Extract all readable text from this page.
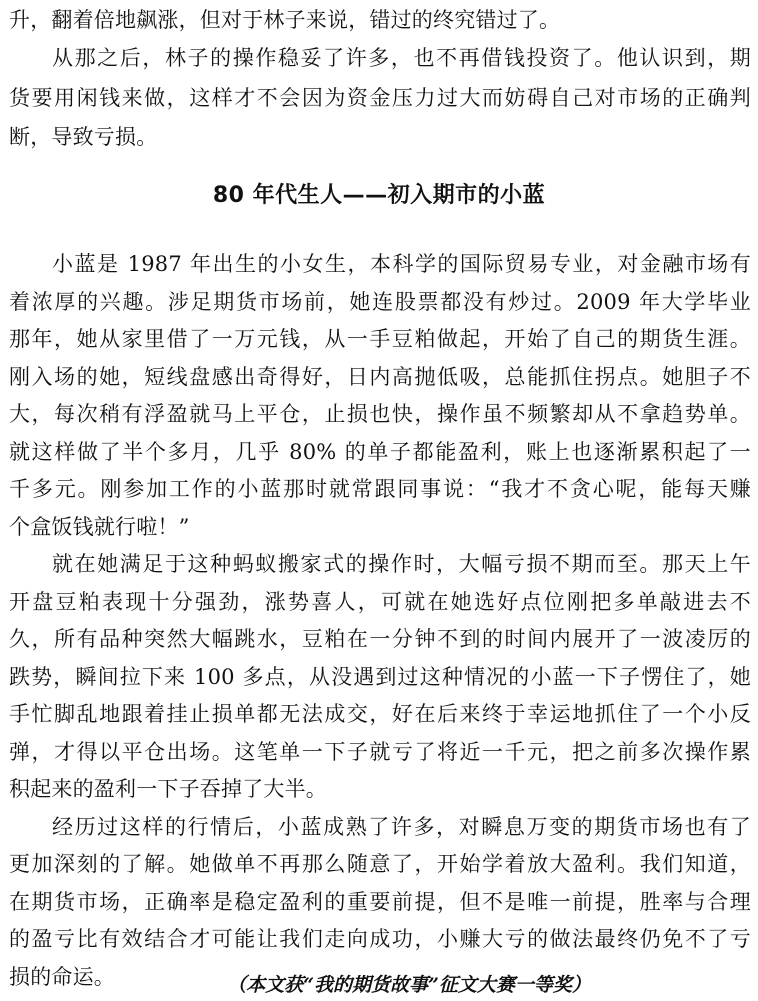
升，翻着倍地飙涨，但对于林子来说，错过的终究错过了。
从那之后，林子的操作稳妥了许多，也不再借钱投资了。他认识到，期
货要用闲钱来做，这样才不会因为资金压力过大而妨碍自己对市场的正确判
断，导致亏损。
80 年代生人——初入期市的小蓝
小蓝是 1987 年出生的小女生，本科学的国际贸易专业，对金融市场有
着浓厚的兴趣。涉足期货市场前，她连股票都没有炒过。2009 年大学毕业
那年，她从家里借了一万元钱，从一手豆粕做起，开始了自己的期货生涯。
刚入场的她，短线盘感出奇得好，日内高抛低吸，总能抓住拐点。她胆子不
大，每次稍有浮盈就马上平仓，止损也快，操作虽不频繁却从不拿趋势单。
就这样做了半个多月，几乎 80% 的单子都能盈利，账上也逐渐累积起了一
千多元。刚参加工作的小蓝那时就常跟同事说：“我才不贪心呢，能每天赚
个盒饭钱就行啦！”
就在她满足于这种蚂蚁搬家式的操作时，大幅亏损不期而至。那天上午
开盘豆粕表现十分强劲，涨势喜人，可就在她选好点位刚把多单敲进去不
久，所有品种突然大幅跳水，豆粕在一分钟不到的时间内展开了一波凌厉的
跌势，瞬间拉下来 100 多点，从没遇到过这种情况的小蓝一下子愣住了，她
手忙脚乱地跟着挂止损单都无法成交，好在后来终于幸运地抓住了一个小反
弹，才得以平仓出场。这笔单一下子就亏了将近一千元，把之前多次操作累
积起来的盈利一下子吞掉了大半。
经历过这样的行情后，小蓝成熟了许多，对瞬息万变的期货市场也有了
更加深刻的了解。她做单不再那么随意了，开始学着放大盈利。我们知道，
在期货市场，正确率是稳定盈利的重要前提，但不是唯一前提，胜率与合理
的盈亏比有效结合才可能让我们走向成功，小赚大亏的做法最终仍免不了亏
损的命运。	（本文获“我的期货故事”征文大赛一等奖）
